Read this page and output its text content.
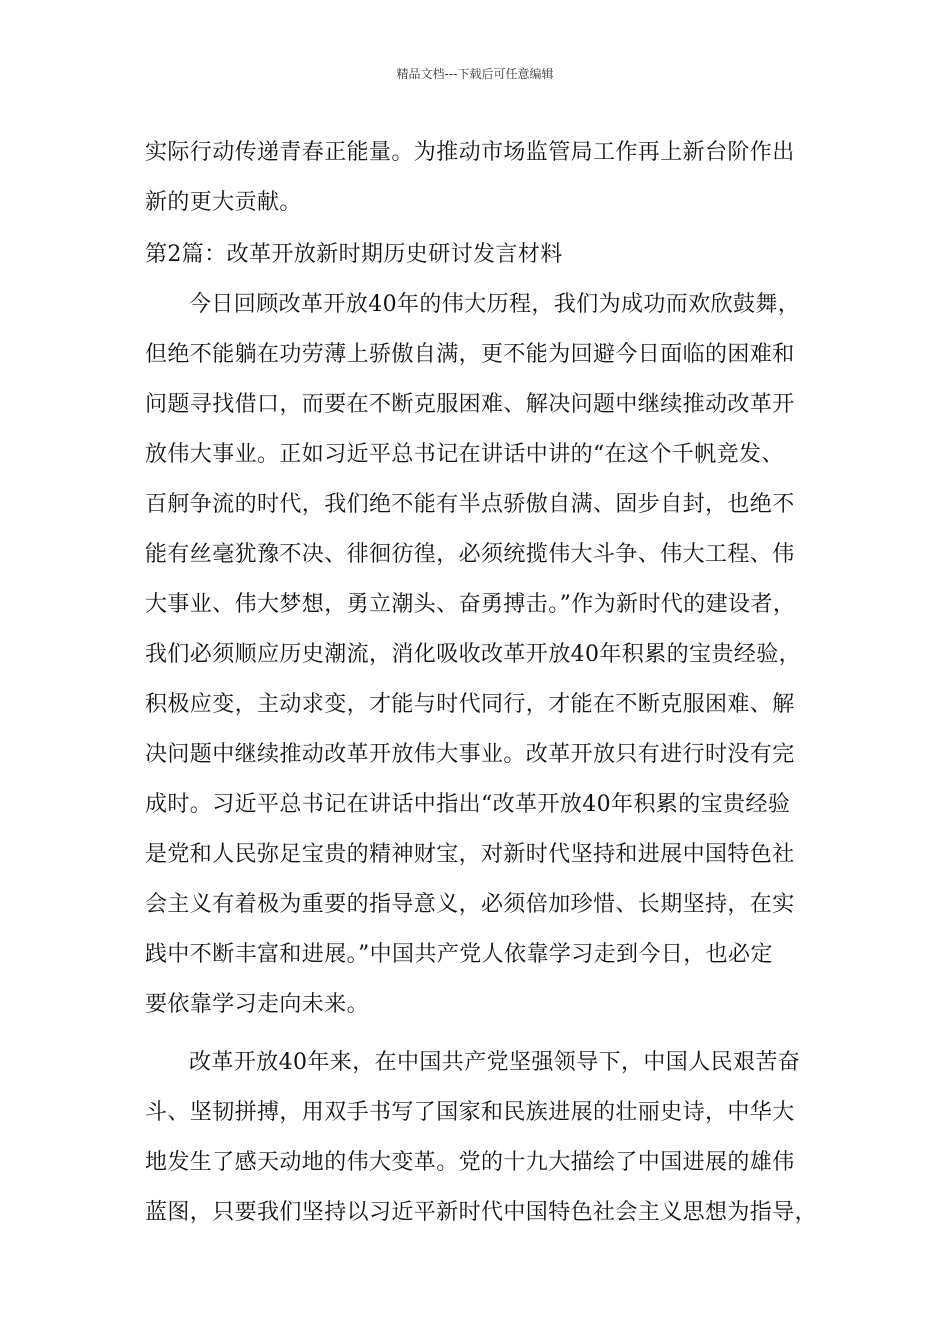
精品文档---下载后可任意编辑
实际行动传递青春正能量。为推动市场监管局工作再上新台阶作出
新的更大贡献。
第2篇：改革开放新时期历史研讨发言材料
今日回顾改革开放40年的伟大历程，我们为成功而欢欣鼓舞，
但绝不能躺在功劳薄上骄傲自满，更不能为回避今日面临的困难和
问题寻找借口，而要在不断克服困难、解决问题中继续推动改革开
放伟大事业。正如习近平总书记在讲话中讲的“在这个千帆竞发、
百舸争流的时代，我们绝不能有半点骄傲自满、固步自封，也绝不
能有丝毫犹豫不决、徘徊彷徨，必须统揽伟大斗争、伟大工程、伟
大事业、伟大梦想，勇立潮头、奋勇搏击。”作为新时代的建设者，
我们必须顺应历史潮流，消化吸收改革开放40年积累的宝贵经验，
积极应变，主动求变，才能与时代同行，才能在不断克服困难、解
决问题中继续推动改革开放伟大事业。改革开放只有进行时没有完
成时。习近平总书记在讲话中指出“改革开放40年积累的宝贵经验
是党和人民弥足宝贵的精神财宝，对新时代坚持和进展中国特色社
会主义有着极为重要的指导意义，必须倍加珍惜、长期坚持，在实
践中不断丰富和进展。”中国共产党人依靠学习走到今日，也必定
要依靠学习走向未来。
改革开放40年来，在中国共产党坚强领导下，中国人民艰苦奋
斗、坚韧拼搏，用双手书写了国家和民族进展的壮丽史诗，中华大
地发生了感天动地的伟大变革。党的十九大描绘了中国进展的雄伟
蓝图，只要我们坚持以习近平新时代中国特色社会主义思想为指导，
